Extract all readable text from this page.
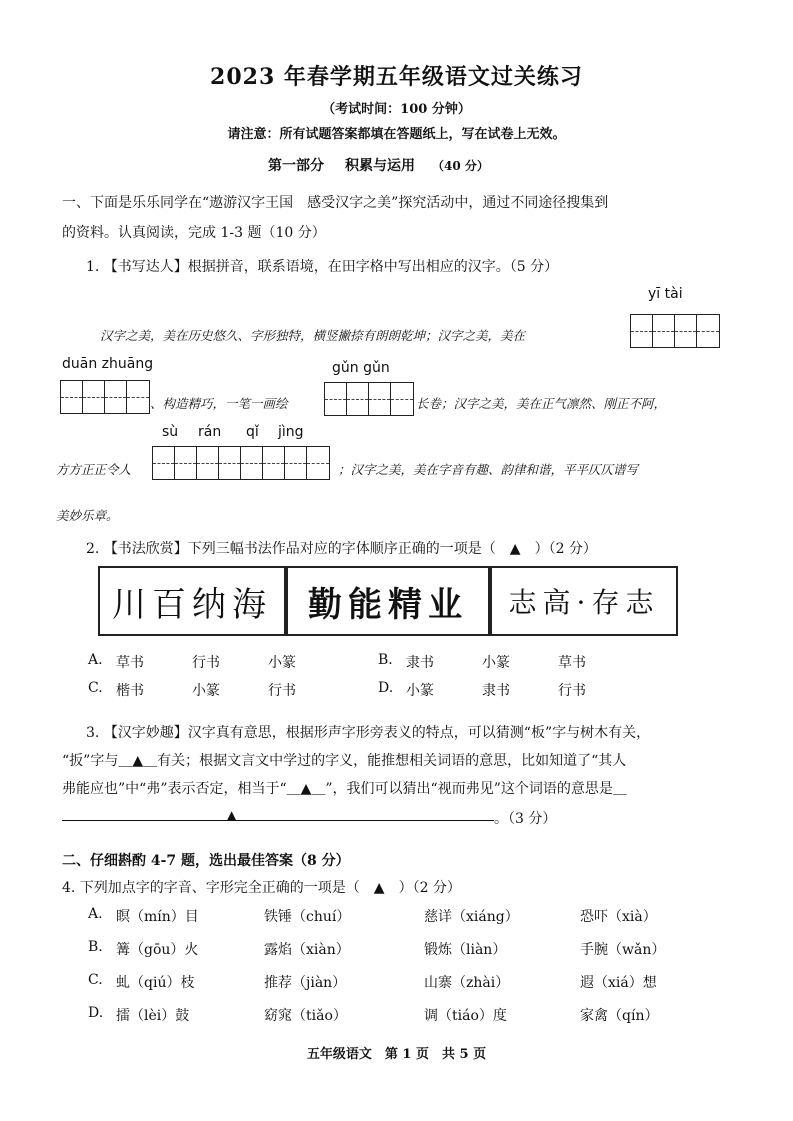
2023 年春学期五年级语文过关练习
（考试时间：100 分钟）
请注意：所有试题答案都填在答题纸上，写在试卷上无效。
第一部分 积累与运用 （40 分）
一、下面是乐乐同学在“遨游汉字王国　感受汉字之美”探究活动中，通过不同途径搜集到
的资料。认真阅读，完成 1-3 题（10 分）
1. 【书写达人】根据拼音，联系语境，在田字格中写出相应的汉字。（5 分）
yī tài
汉字之美，美在历史悠久、字形独特，横竖撇捺有朗朗乾坤；汉字之美，美在
duān zhuāng	gǔn gǔn
、构造精巧，一笔一画绘	长卷；汉字之美，美在正气凛然、刚正不阿，
sù rán qǐ jìng
方方正正令人	；汉字之美，美在字音有趣、韵律和谐，平平仄仄谱写
美妙乐章。
2. 【书法欣赏】下列三幅书法作品对应的字体顺序正确的一项是（　▲　）（2 分）
川百纳海	勤能精业	志高·存志
A. 草书	行书	小篆	B. 隶书	小篆	草书
C. 楷书	小篆	行书	D. 小篆	隶书	行书
3. 【汉字妙趣】汉字真有意思，根据形声字形旁表义的特点，可以猜测“板”字与树木有关，
“扳”字与＿▲＿有关；根据文言文中学过的字义，能推想相关词语的意思，比如知道了“其人
弗能应也”中“弗”表示否定，相当于“＿▲＿”，我们可以猜出“视而弗见”这个词语的意思是＿
▲	。（3 分）
二、仔细斟酌 4-7 题，选出最佳答案（8 分）
4. 下列加点字的字音、字形完全正确的一项是（　▲　）（2 分）
A. 瞑（mín）目	铁锤（chuí）	慈详（xiáng）	恐吓（xià）
B. 篝（gōu）火	露焰（xiàn）	锻炼（liàn）	手腕（wǎn）
C. 虬（qiú）枝	推荐（jiàn）	山寨（zhài）	遐（xiá）想
D. 擂（lèi）鼓	窈窕（tiǎo）	调（tiáo）度	家禽（qín）
五年级语文　第 1 页　共 5 页
